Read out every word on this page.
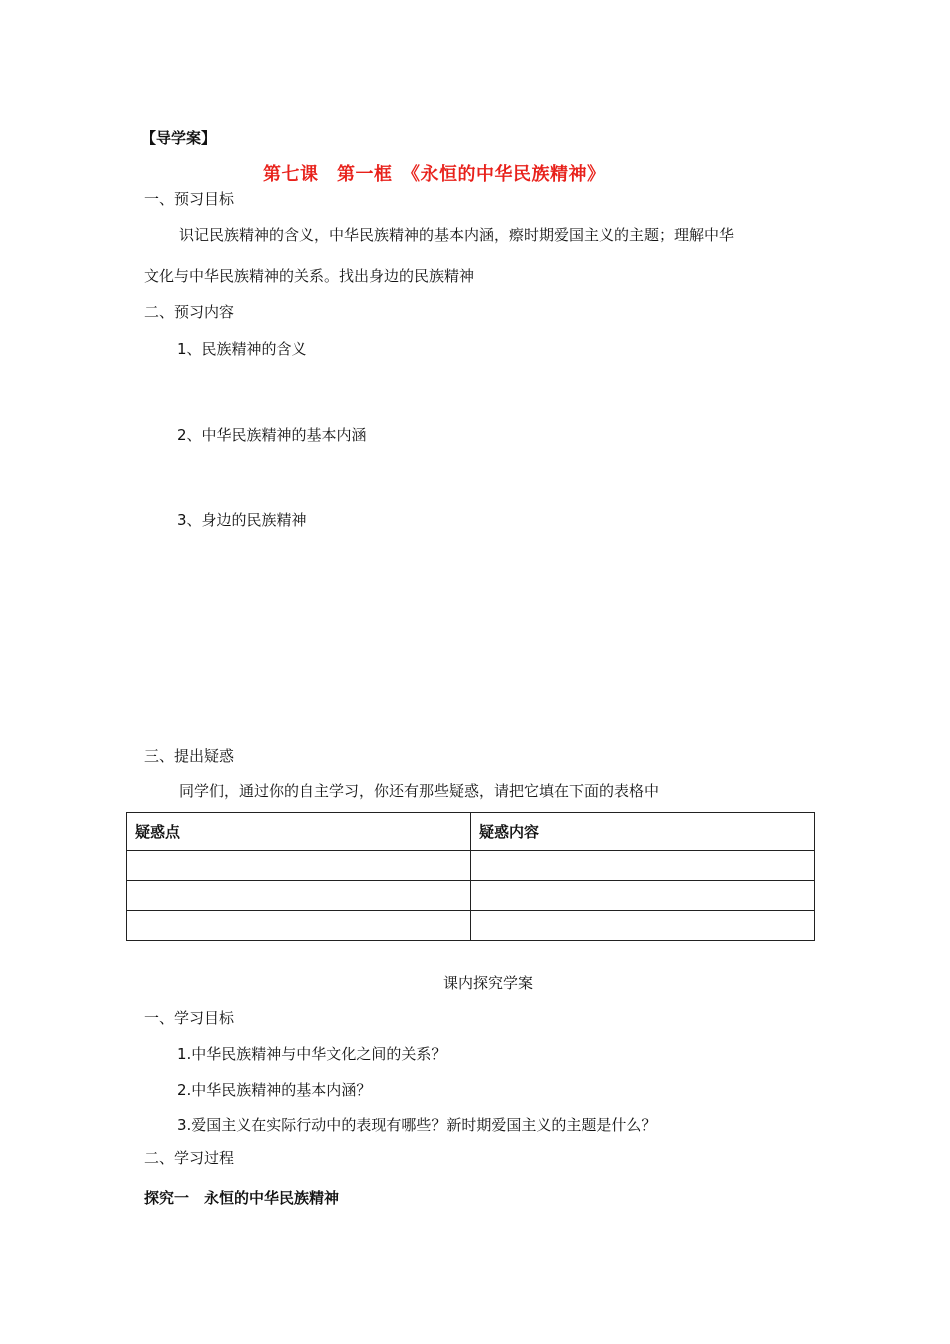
【导学案】
第七课　第一框　《永恒的中华民族精神》
一、预习目标
识记民族精神的含义，中华民族精神的基本内涵，瘵时期爱国主义的主题；理解中华
文化与中华民族精神的关系。找出身边的民族精神
二、预习内容
1、民族精神的含义
2、中华民族精神的基本内涵
3、身边的民族精神
三、提出疑惑
同学们，通过你的自主学习，你还有那些疑惑，请把它填在下面的表格中
疑惑点	疑惑内容

课内探究学案
一、学习目标
1.中华民族精神与中华文化之间的关系？
2.中华民族精神的基本内涵？
3.爱国主义在实际行动中的表现有哪些？新时期爱国主义的主题是什么？
二、学习过程
探究一　永恒的中华民族精神
